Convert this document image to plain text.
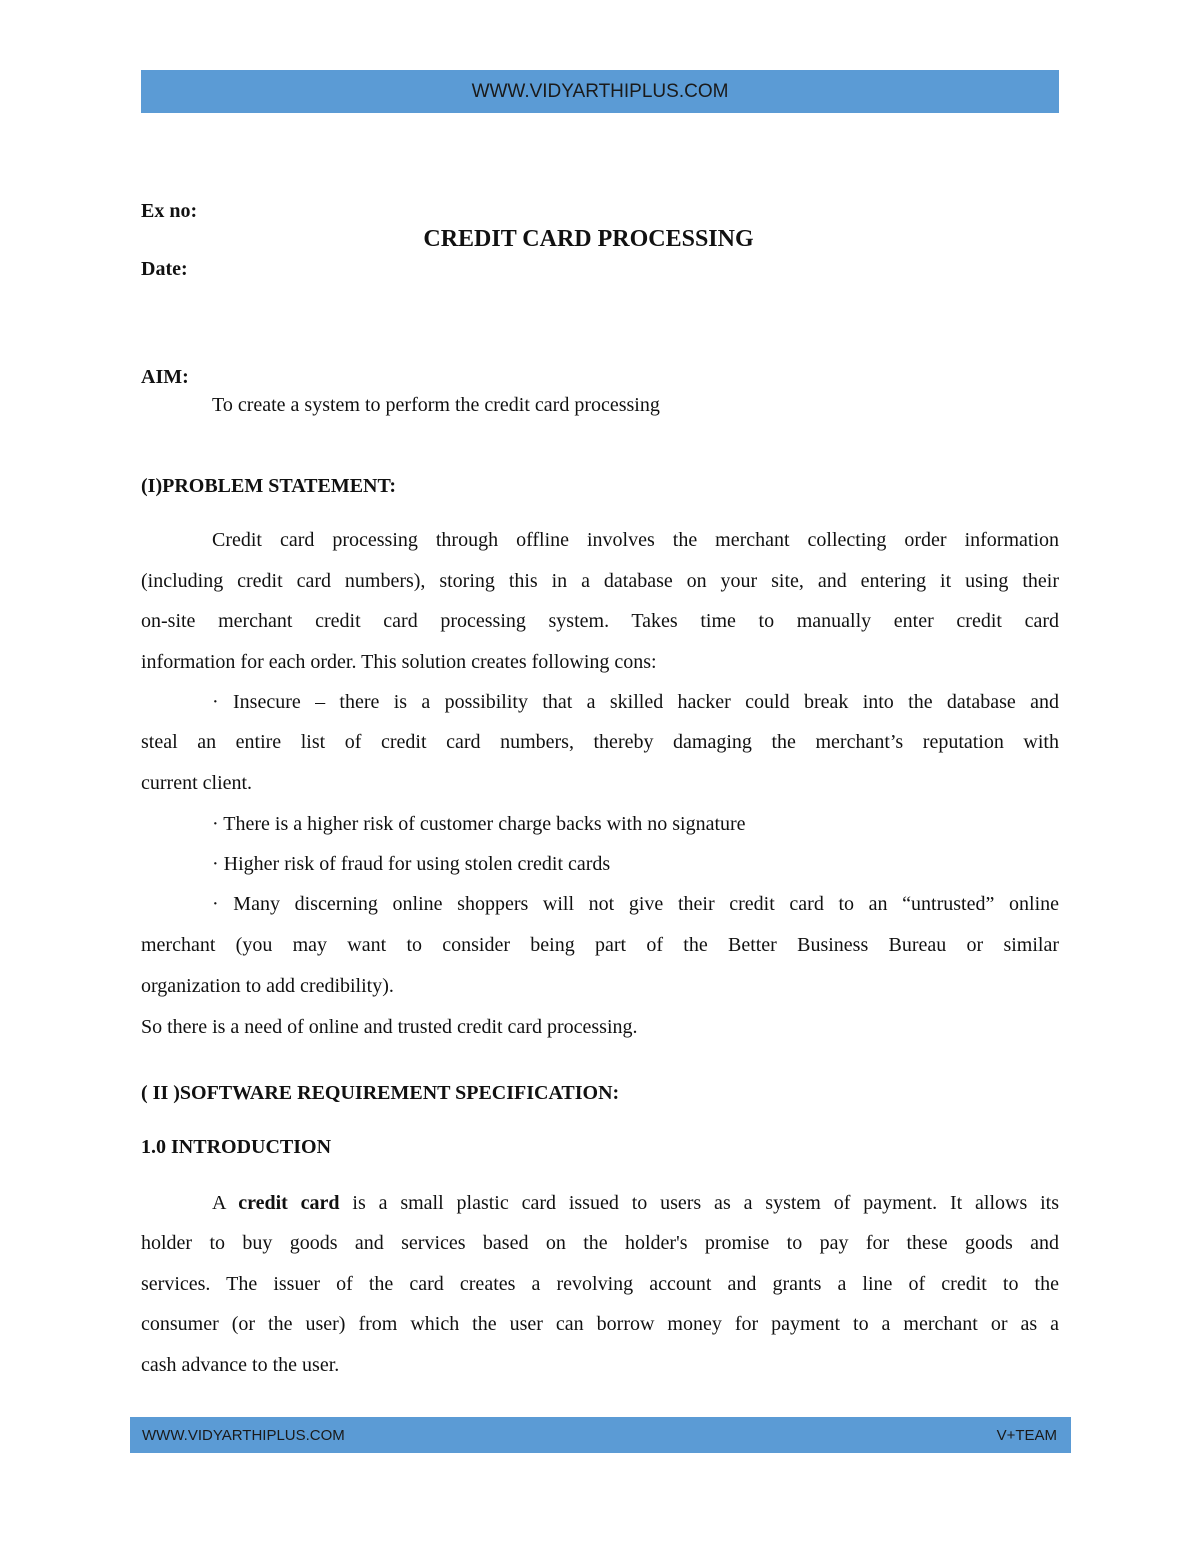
WWW.VIDYARTHIPLUS.COM
Ex no:
CREDIT CARD PROCESSING
Date:
AIM:
To create a system to perform the credit card processing
(I)PROBLEM STATEMENT:
Credit card processing through offline involves the merchant collecting order information
(including credit card numbers), storing this in a database on your site, and entering it using their
on-site merchant credit card processing system. Takes time to manually enter credit card
information for each order. This solution creates following cons:
· Insecure – there is a possibility that a skilled hacker could break into the database and
steal an entire list of credit card numbers, thereby damaging the merchant’s reputation with
current client.
· There is a higher risk of customer charge backs with no signature
· Higher risk of fraud for using stolen credit cards
· Many discerning online shoppers will not give their credit card to an “untrusted” online
merchant (you may want to consider being part of the Better Business Bureau or similar
organization to add credibility).
So there is a need of online and trusted credit card processing.
( II )SOFTWARE REQUIREMENT SPECIFICATION:
1.0 INTRODUCTION
A credit card is a small plastic card issued to users as a system of payment. It allows its
holder to buy goods and services based on the holder's promise to pay for these goods and
services. The issuer of the card creates a revolving account and grants a line of credit to the
consumer (or the user) from which the user can borrow money for payment to a merchant or as a
cash advance to the user.
WWW.VIDYARTHIPLUS.COM	V+TEAM
